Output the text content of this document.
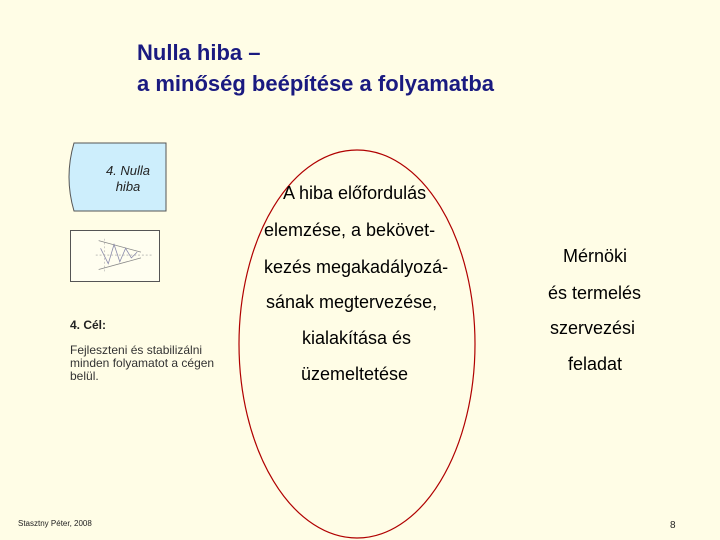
Nulla hiba –
a minőség beépítése a folyamatba
4. Nulla hiba
4. Cél:
Fejleszteni és stabilizálni minden folyamatot a cégen belül.
A hiba előfordulás
elemzése, a bekövet-
kezés megakadályozá-
sának megtervezése,
kialakítása és
üzemeltetése
Mérnöki
és termelés
szervezési
feladat
Stasztny Péter, 2008	8
